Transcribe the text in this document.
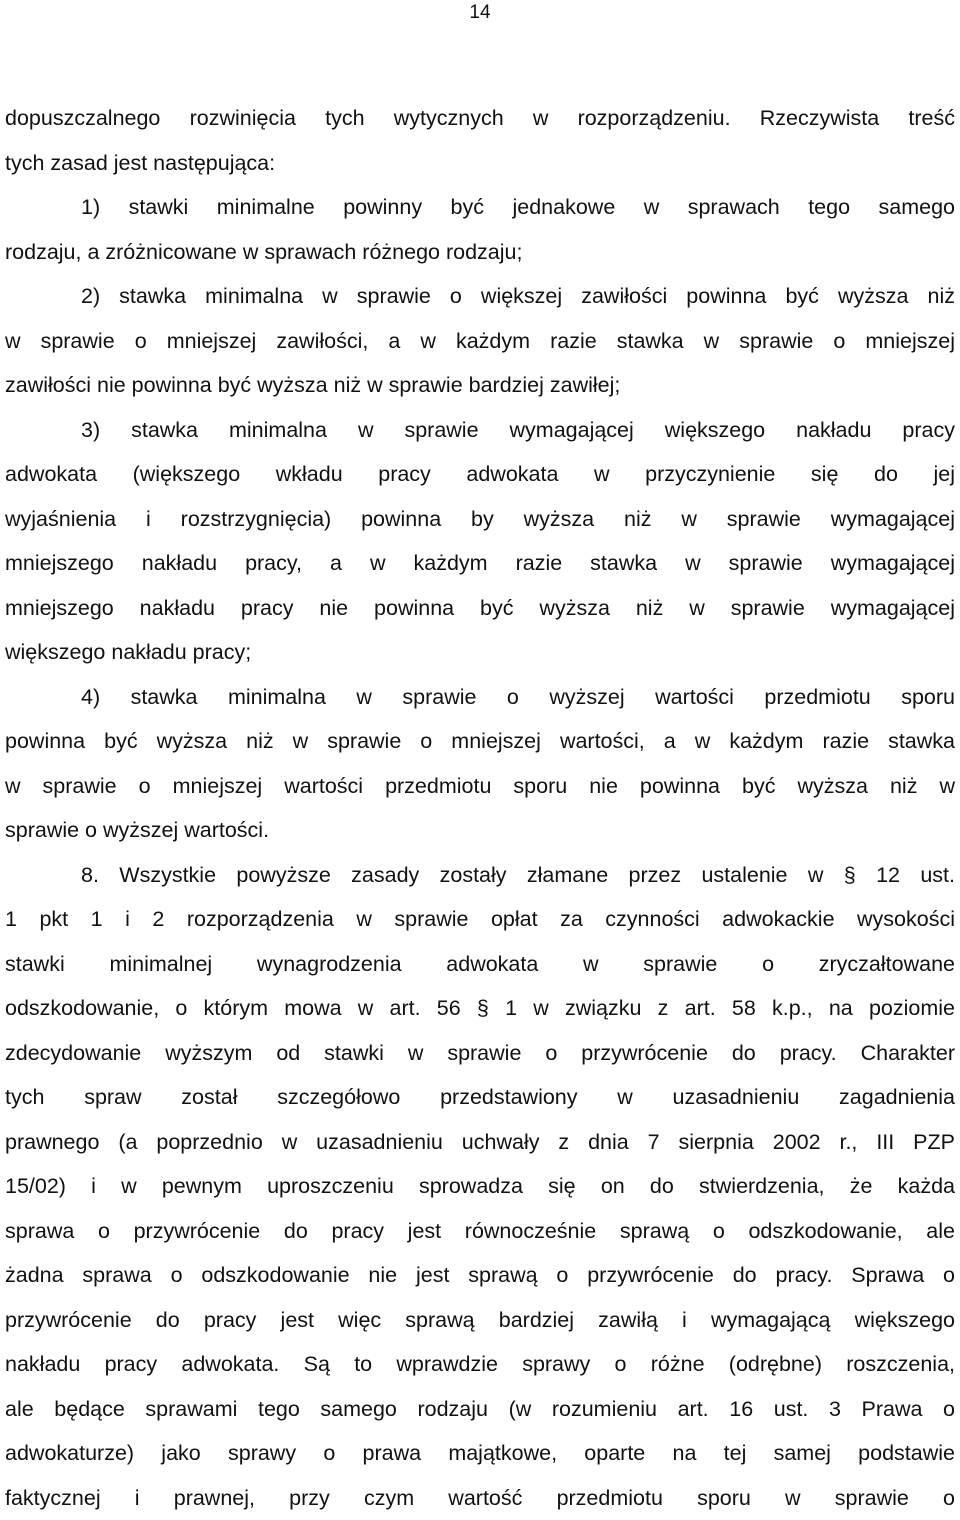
14
dopuszczalnego rozwinięcia tych wytycznych w rozporządzeniu. Rzeczywista treść
tych zasad jest następująca:
1) stawki minimalne powinny być jednakowe w sprawach tego samego
rodzaju, a zróżnicowane w sprawach różnego rodzaju;
2) stawka minimalna w sprawie o większej zawiłości powinna być wyższa niż
w sprawie o mniejszej zawiłości, a w każdym razie stawka w sprawie o mniejszej
zawiłości nie powinna być wyższa niż w sprawie bardziej zawiłej;
3) stawka minimalna w sprawie wymagającej większego nakładu pracy
adwokata (większego wkładu pracy adwokata w przyczynienie się do jej
wyjaśnienia i rozstrzygnięcia) powinna by wyższa niż w sprawie wymagającej
mniejszego nakładu pracy, a w każdym razie stawka w sprawie wymagającej
mniejszego nakładu pracy nie powinna być wyższa niż w sprawie wymagającej
większego nakładu pracy;
4) stawka minimalna w sprawie o wyższej wartości przedmiotu sporu
powinna być wyższa niż w sprawie o mniejszej wartości, a w każdym razie stawka
w sprawie o mniejszej wartości przedmiotu sporu nie powinna być wyższa niż w
sprawie o wyższej wartości.
8. Wszystkie powyższe zasady zostały złamane przez ustalenie w § 12 ust.
1 pkt 1 i 2 rozporządzenia w sprawie opłat za czynności adwokackie wysokości
stawki minimalnej wynagrodzenia adwokata w sprawie o zryczałtowane
odszkodowanie, o którym mowa w art. 56 § 1 w związku z art. 58 k.p., na poziomie
zdecydowanie wyższym od stawki w sprawie o przywrócenie do pracy. Charakter
tych spraw został szczegółowo przedstawiony w uzasadnieniu zagadnienia
prawnego (a poprzednio w uzasadnieniu uchwały z dnia 7 sierpnia 2002 r., III PZP
15/02) i w pewnym uproszczeniu sprowadza się on do stwierdzenia, że każda
sprawa o przywrócenie do pracy jest równocześnie sprawą o odszkodowanie, ale
żadna sprawa o odszkodowanie nie jest sprawą o przywrócenie do pracy. Sprawa o
przywrócenie do pracy jest więc sprawą bardziej zawiłą i wymagającą większego
nakładu pracy adwokata. Są to wprawdzie sprawy o różne (odrębne) roszczenia,
ale będące sprawami tego samego rodzaju (w rozumieniu art. 16 ust. 3 Prawa o
adwokaturze) jako sprawy o prawa majątkowe, oparte na tej samej podstawie
faktycznej i prawnej, przy czym wartość przedmiotu sporu w sprawie o
